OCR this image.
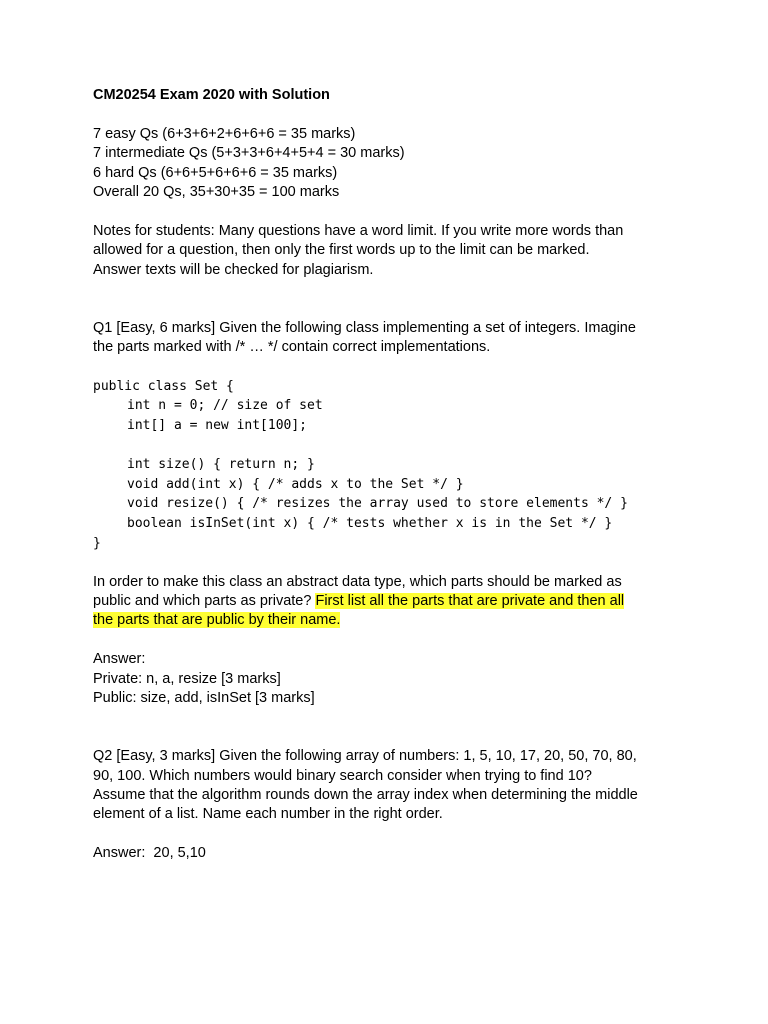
CM20254 Exam 2020 with Solution
7 easy Qs (6+3+6+2+6+6+6 = 35 marks)
7 intermediate Qs (5+3+3+6+4+5+4 = 30 marks)
6 hard Qs (6+6+5+6+6+6 = 35 marks)
Overall 20 Qs, 35+30+35 = 100 marks
Notes for students: Many questions have a word limit. If you write more words than
allowed for a question, then only the first words up to the limit can be marked.
Answer texts will be checked for plagiarism.
Q1 [Easy, 6 marks] Given the following class implementing a set of integers. Imagine
the parts marked with /* … */ contain correct implementations.
public class Set {
int n = 0; // size of set
int[] a = new int[100];
int size() { return n; }
void add(int x) { /* adds x to the Set */ }
void resize() { /* resizes the array used to store elements */ }
boolean isInSet(int x) { /* tests whether x is in the Set */ }
}
In order to make this class an abstract data type, which parts should be marked as
public and which parts as private? First list all the parts that are private and then all
the parts that are public by their name.
Answer:
Private: n, a, resize [3 marks]
Public: size, add, isInSet [3 marks]
Q2 [Easy, 3 marks] Given the following array of numbers: 1, 5, 10, 17, 20, 50, 70, 80,
90, 100. Which numbers would binary search consider when trying to find 10?
Assume that the algorithm rounds down the array index when determining the middle
element of a list. Name each number in the right order.
Answer:  20, 5,10
